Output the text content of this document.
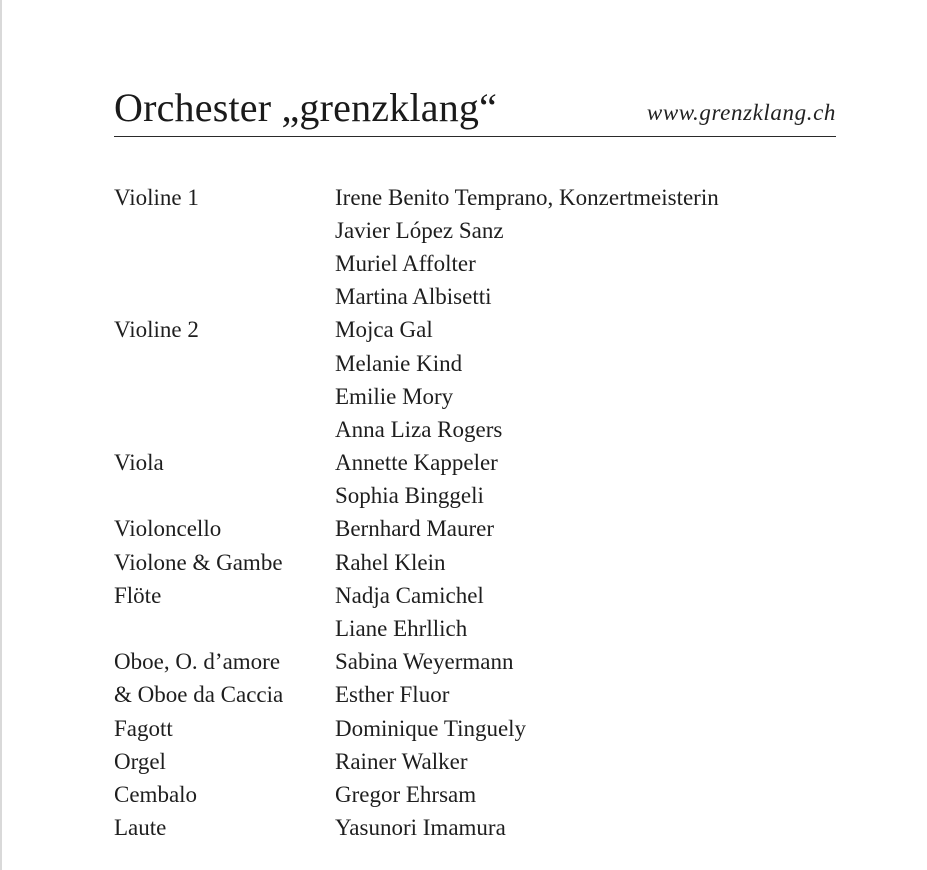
Orchester „grenzklang“	www.grenzklang.ch
Violine 1	Irene Benito Temprano, Konzertmeisterin
Javier López Sanz
Muriel Affolter
Martina Albisetti
Violine 2	Mojca Gal
Melanie Kind
Emilie Mory
Anna Liza Rogers
Viola	Annette Kappeler
Sophia Binggeli
Violoncello	Bernhard Maurer
Violone & Gambe	Rahel Klein
Flöte	Nadja Camichel
Liane Ehrllich
Oboe, O. d’amore	Sabina Weyermann
& Oboe da Caccia	Esther Fluor
Fagott	Dominique Tinguely
Orgel	Rainer Walker
Cembalo	Gregor Ehrsam
Laute	Yasunori Imamura
